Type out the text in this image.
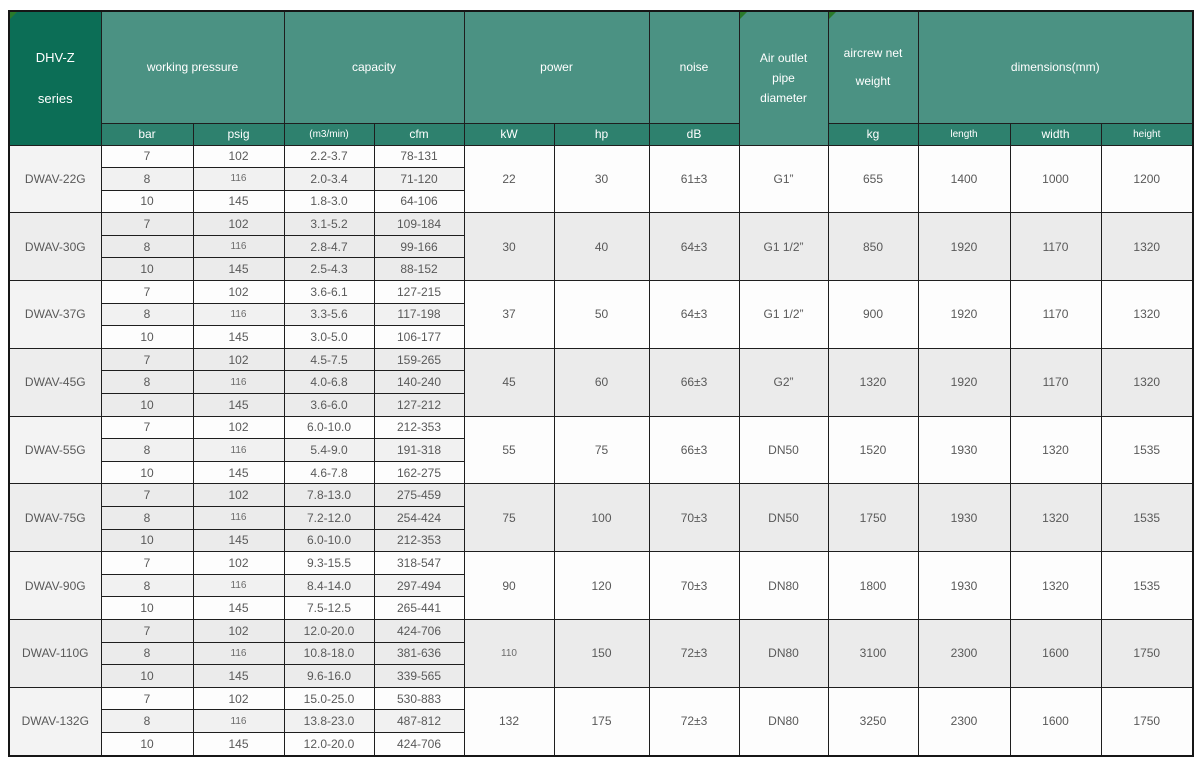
DHV-Z
series	working pressure		capacity		power		noise	Air outlet
pipe
diameter	aircrew net
weight	dimensions(mm)		
	bar	psig	(m3/min)	cfm	kW	hp	dB		kg	length	width	height
DWAV-22G	7	102	2.2-3.7	78-131	22	30	61±3	G1”	655	1400	1000	1200
	8	116	2.0-3.4	71-120								
	10	145	1.8-3.0	64-106								
DWAV-30G	7	102	3.1-5.2	109-184	30	40	64±3	G1 1/2”	850	1920	1170	1320
	8	116	2.8-4.7	99-166								
	10	145	2.5-4.3	88-152								
DWAV-37G	7	102	3.6-6.1	127-215	37	50	64±3	G1 1/2”	900	1920	1170	1320
	8	116	3.3-5.6	117-198								
	10	145	3.0-5.0	106-177								
DWAV-45G	7	102	4.5-7.5	159-265	45	60	66±3	G2”	1320	1920	1170	1320
	8	116	4.0-6.8	140-240								
	10	145	3.6-6.0	127-212								
DWAV-55G	7	102	6.0-10.0	212-353	55	75	66±3	DN50	1520	1930	1320	1535
	8	116	5.4-9.0	191-318								
	10	145	4.6-7.8	162-275								
DWAV-75G	7	102	7.8-13.0	275-459	75	100	70±3	DN50	1750	1930	1320	1535
	8	116	7.2-12.0	254-424								
	10	145	6.0-10.0	212-353								
DWAV-90G	7	102	9.3-15.5	318-547	90	120	70±3	DN80	1800	1930	1320	1535
	8	116	8.4-14.0	297-494								
	10	145	7.5-12.5	265-441								
DWAV-110G	7	102	12.0-20.0	424-706	110	150	72±3	DN80	3100	2300	1600	1750
	8	116	10.8-18.0	381-636								
	10	145	9.6-16.0	339-565								
DWAV-132G	7	102	15.0-25.0	530-883	132	175	72±3	DN80	3250	2300	1600	1750
	8	116	13.8-23.0	487-812								
	10	145	12.0-20.0	424-706								
